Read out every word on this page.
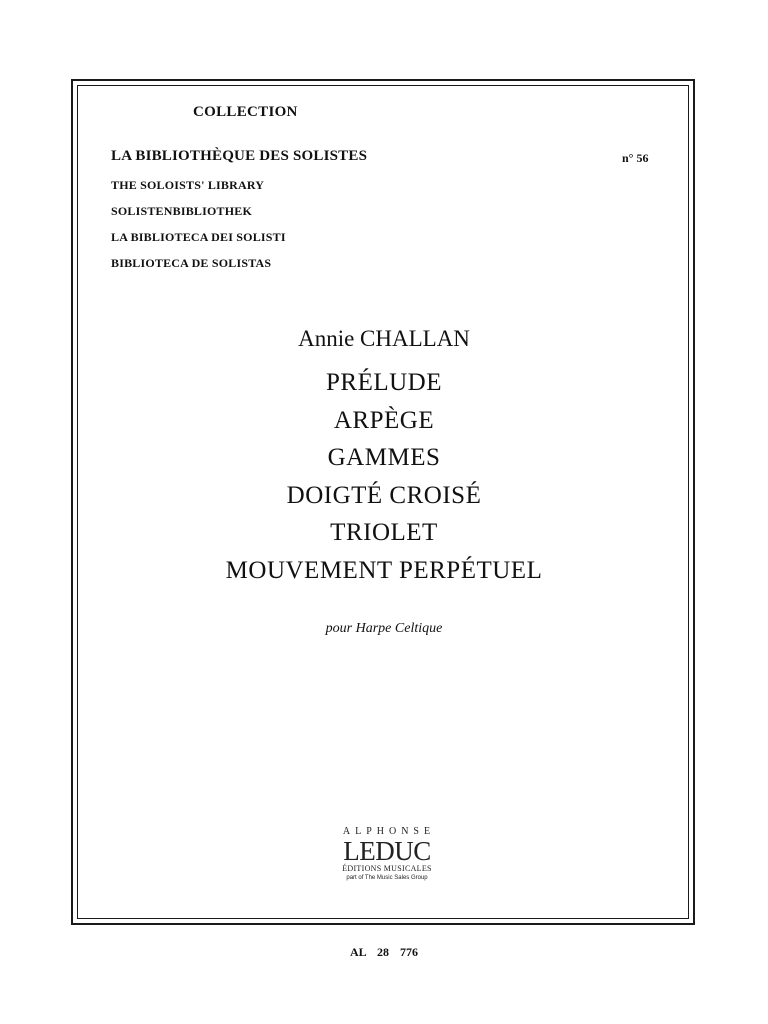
COLLECTION
LA BIBLIOTHÈQUE DES SOLISTES
THE SOLOISTS' LIBRARY
SOLISTENBIBLIOTHEK
LA BIBLIOTECA DEI SOLISTI
BIBLIOTECA DE SOLISTAS
n° 56
Annie CHALLAN
PRÉLUDE
ARPÈGE
GAMMES
DOIGTÉ CROISÉ
TRIOLET
MOUVEMENT PERPÉTUEL
pour Harpe Celtique
ALPHONSE
LEDUC
ÉDITIONS MUSICALES
part of The Music Sales Group
AL 28 776
